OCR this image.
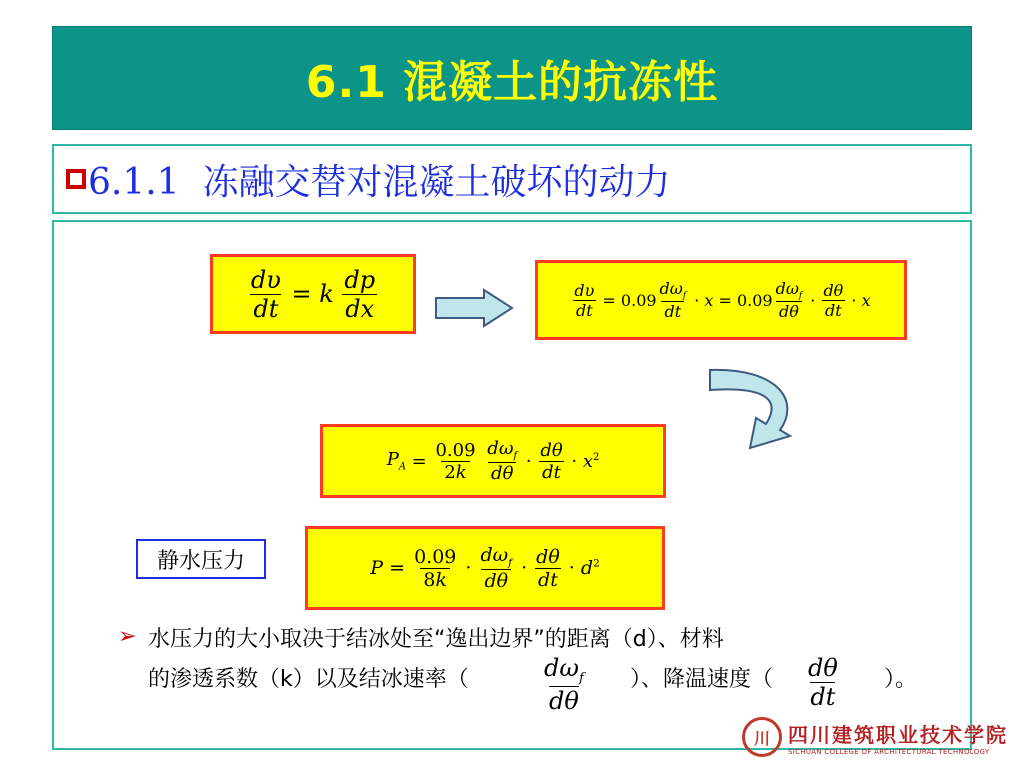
6.1 混凝土的抗冻性
6.1.1  冻融交替对混凝土破坏的动力
$\frac{d\upsilon}{dt} = k$
$\frac{dp}{dx}$	$\frac{d\upsilon}{dt} = 0.09 \frac{d\omega_f}{dt} \cdot x = 0.09 \frac{d\omega_f}{d\theta} \cdot \frac{d\theta}{dt} \cdot x$
$P_A = \frac{0.09}{2k}$
$\frac{d\omega_f}{d\theta} \cdot \frac{d\theta}{dt} \cdot x^2$
静水压力	$P = \frac{0.09}{8k} \cdot \frac{d\omega_f}{d\theta} \cdot \frac{d\theta}{dt} \cdot d^2$
➢ 水压力的大小取决于结冰处至“逸出边界”的距离（d）、材料
的渗透系数（k）以及结冰速率（	$d\omega_f$
dθ
）、降温速度（ $\frac{d\theta}{dt}$ ）。
川 四川建筑职业技术学院
SICHUAN COLLEGE OF ARCHITECTURAL TECHNOLOGY
